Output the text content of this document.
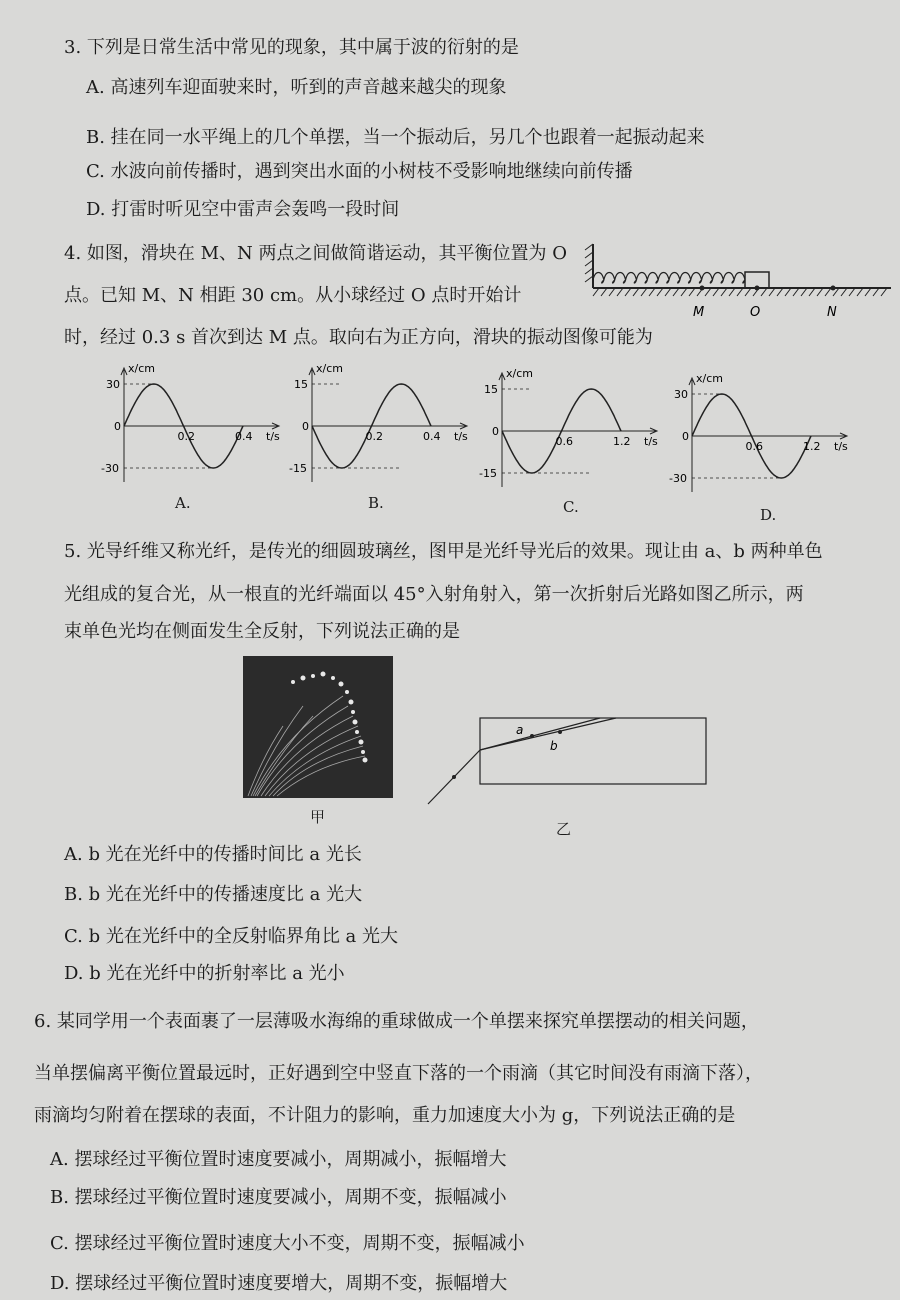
3. 下列是日常生活中常见的现象，其中属于波的衍射的是
A. 高速列车迎面驶来时，听到的声音越来越尖的现象
B. 挂在同一水平绳上的几个单摆，当一个振动后，另几个也跟着一起振动起来
C. 水波向前传播时，遇到突出水面的小树枝不受影响地继续向前传播
D. 打雷时听见空中雷声会轰鸣一段时间
4. 如图，滑块在 M、N 两点之间做简谐运动，其平衡位置为 O
点。已知 M、N 相距 30 cm。从小球经过 O 点时开始计
时，经过 0.3 s 首次到达 M 点。取向右为正方向，滑块的振动图像可能为
M	O	N
x/cm
t/s
30
0
-30
0.2	0.4
x/cm
t/s
15
0
-15
0.2	0.4
x/cm
t/s
15
0
-15
0.6	1.2
x/cm
t/s
30
0
-30
0.6	1.2
A.	B.	C.	D.
5. 光导纤维又称光纤，是传光的细圆玻璃丝，图甲是光纤导光后的效果。现让由 a、b 两种单色
光组成的复合光，从一根直的光纤端面以 45°入射角射入，第一次折射后光路如图乙所示，两
束单色光均在侧面发生全反射，下列说法正确的是
甲
a
b
乙
A. b 光在光纤中的传播时间比 a 光长
B. b 光在光纤中的传播速度比 a 光大
C. b 光在光纤中的全反射临界角比 a 光大
D. b 光在光纤中的折射率比 a 光小
6. 某同学用一个表面裹了一层薄吸水海绵的重球做成一个单摆来探究单摆摆动的相关问题，
当单摆偏离平衡位置最远时，正好遇到空中竖直下落的一个雨滴（其它时间没有雨滴下落），
雨滴均匀附着在摆球的表面，不计阻力的影响，重力加速度大小为 g，下列说法正确的是
A. 摆球经过平衡位置时速度要减小，周期减小，振幅增大
B. 摆球经过平衡位置时速度要减小，周期不变，振幅减小
C. 摆球经过平衡位置时速度大小不变，周期不变，振幅减小
D. 摆球经过平衡位置时速度要增大，周期不变，振幅增大
